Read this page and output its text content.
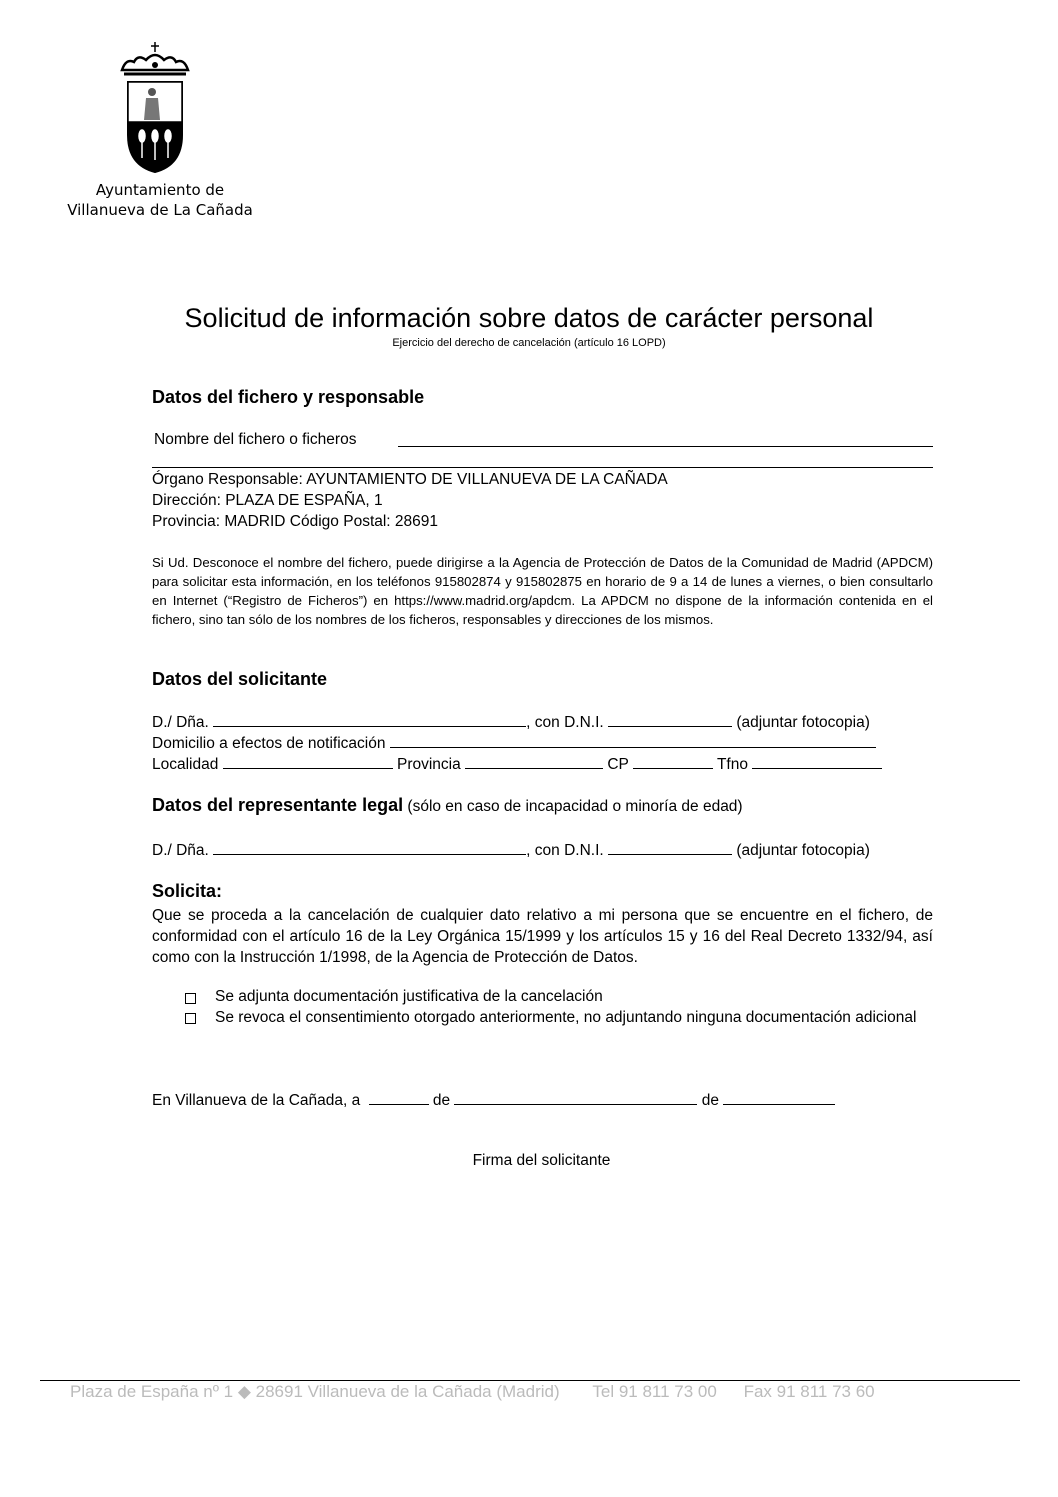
Ayuntamiento de
Villanueva de La Cañada
Solicitud de información sobre datos de carácter personal
Ejercicio del derecho de cancelación (artículo 16 LOPD)
Datos del fichero y responsable
Nombre del fichero o ficheros
Órgano Responsable: AYUNTAMIENTO DE VILLANUEVA DE LA CAÑADA
Dirección: PLAZA DE ESPAÑA, 1
Provincia: MADRID Código Postal: 28691
Si Ud. Desconoce el nombre del fichero, puede dirigirse a la Agencia de Protección de Datos de la Comunidad de Madrid (APDCM) para solicitar esta información, en los teléfonos 915802874 y 915802875 en horario de 9 a 14 de lunes a viernes, o bien consultarlo en Internet (“Registro de Ficheros”) en https://www.madrid.org/apdcm. La APDCM no dispone de la información contenida en el fichero, sino tan sólo de los nombres de los ficheros, responsables y direcciones de los mismos.
Datos del solicitante
D./ Dña.	, con D.N.I.	(adjuntar fotocopia)
Domicilio a efectos de notificación
Localidad	Provincia	CP	Tfno
Datos del representante legal (sólo en caso de incapacidad o minoría de edad)
D./ Dña.	, con D.N.I.	(adjuntar fotocopia)
Solicita:
Que se proceda a la cancelación de cualquier dato relativo a mi persona que se encuentre en el fichero, de conformidad con el artículo 16 de la Ley Orgánica 15/1999 y los artículos 15 y 16 del Real Decreto 1332/94, así como con la Instrucción 1/1998, de la Agencia de Protección de Datos.
Se adjunta documentación justificativa de la cancelación
Se revoca el consentimiento otorgado anteriormente, no adjuntando ninguna documentación adicional
En Villanueva de la Cañada, a	de	de
Firma del solicitante
Plaza de España nº 1 ◆ 28691 Villanueva de la Cañada (Madrid) Tel 91 811 73 00 Fax 91 811 73 60
